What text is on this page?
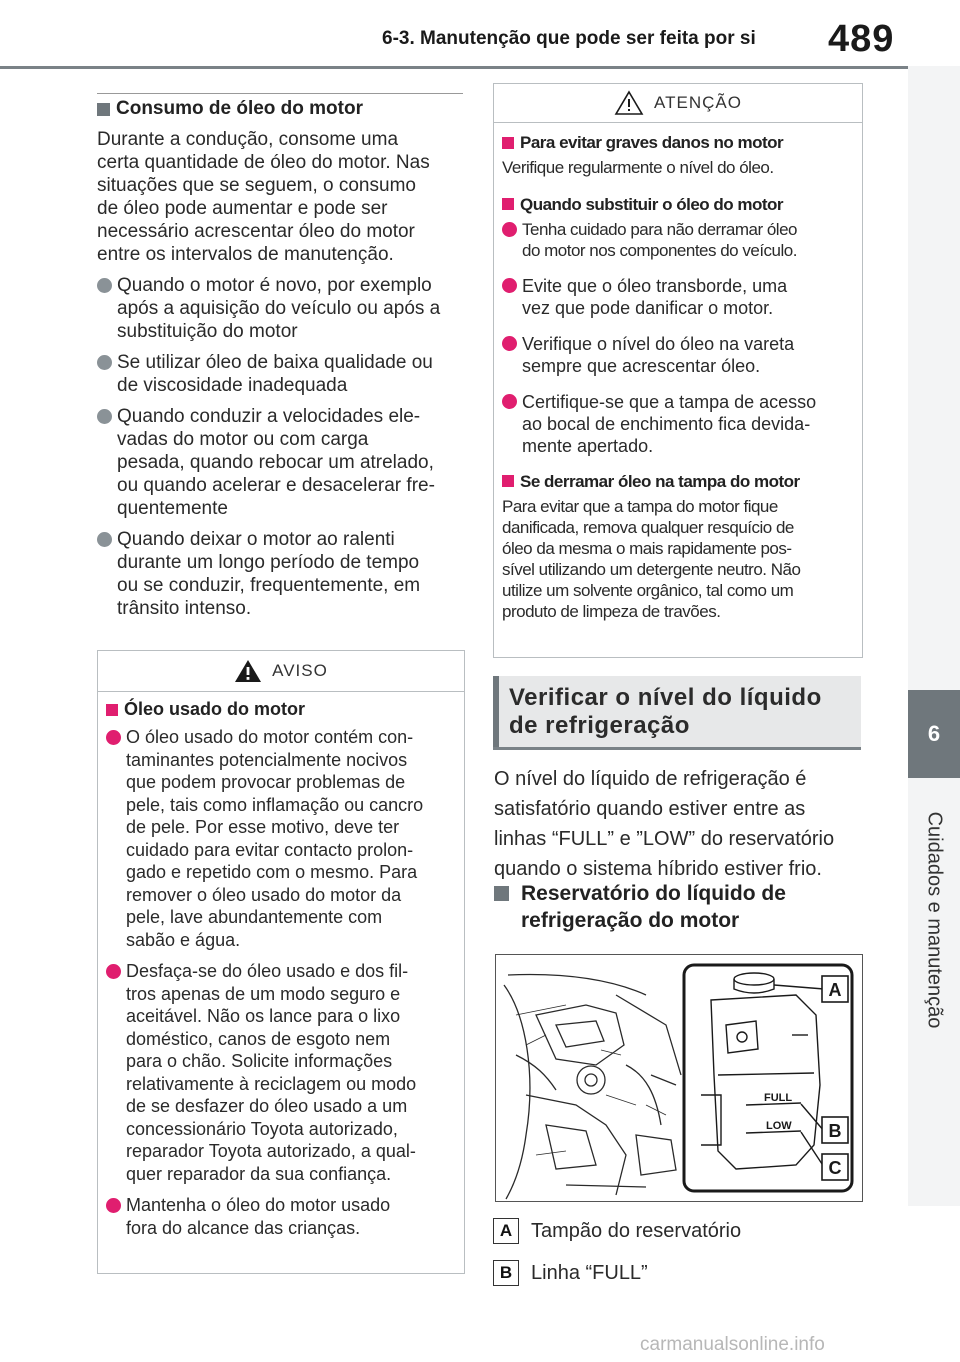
6-3. Manutenção que pode ser feita por si 489
6
Cuidados e manutenção
Consumo de óleo do motor
Durante a condução, consome uma
certa quantidade de óleo do motor. Nas
situações que se seguem, o consumo
de óleo pode aumentar e pode ser
necessário acrescentar óleo do motor
entre os intervalos de manutenção.
Quando o motor é novo, por exemplo
após a aquisição do veículo ou após a
substituição do motor
Se utilizar óleo de baixa qualidade ou
de viscosidade inadequada
Quando conduzir a velocidades ele-
vadas do motor ou com carga
pesada, quando rebocar um atrelado,
ou quando acelerar e desacelerar fre-
quentemente
Quando deixar o motor ao ralenti
durante um longo período de tempo
ou se conduzir, frequentemente, em
trânsito intenso.
AVISO
Óleo usado do motor
O óleo usado do motor contém con-
taminantes potencialmente nocivos
que podem provocar problemas de
pele, tais como inflamação ou cancro
de pele. Por esse motivo, deve ter
cuidado para evitar contacto prolon-
gado e repetido com o mesmo. Para
remover o óleo usado do motor da
pele, lave abundantemente com
sabão e água.
Desfaça-se do óleo usado e dos fil-
tros apenas de um modo seguro e
aceitável. Não os lance para o lixo
doméstico, canos de esgoto nem
para o chão. Solicite informações
relativamente à reciclagem ou modo
de se desfazer do óleo usado a um
concessionário Toyota autorizado,
reparador Toyota autorizado, a qual-
quer reparador da sua confiança.
Mantenha o óleo do motor usado
fora do alcance das crianças.
ATENÇÃO
Para evitar graves danos no motor
Verifique regularmente o nível do óleo.
Quando substituir o óleo do motor
Tenha cuidado para não derramar óleo
do motor nos componentes do veículo.
Evite que o óleo transborde, uma
vez que pode danificar o motor.
Verifique o nível do óleo na vareta
sempre que acrescentar óleo.
Certifique-se que a tampa de acesso
ao bocal de enchimento fica devida-
mente apertado.
Se derramar óleo na tampa do motor
Para evitar que a tampa do motor fique
danificada, remova qualquer resquício de
óleo da mesma o mais rapidamente pos-
sível utilizando um detergente neutro. Não
utilize um solvente orgânico, tal como um
produto de limpeza de travões.
Verificar o nível do líquido
de refrigeração
O nível do líquido de refrigeração é
satisfatório quando estiver entre as
linhas “FULL” e ”LOW” do reservatório
quando o sistema híbrido estiver frio.
Reservatório do líquido de
refrigeração do motor
FULL
LOW
A
B
C
A Tampão do reservatório
B Linha “FULL”
carmanualsonline.info
